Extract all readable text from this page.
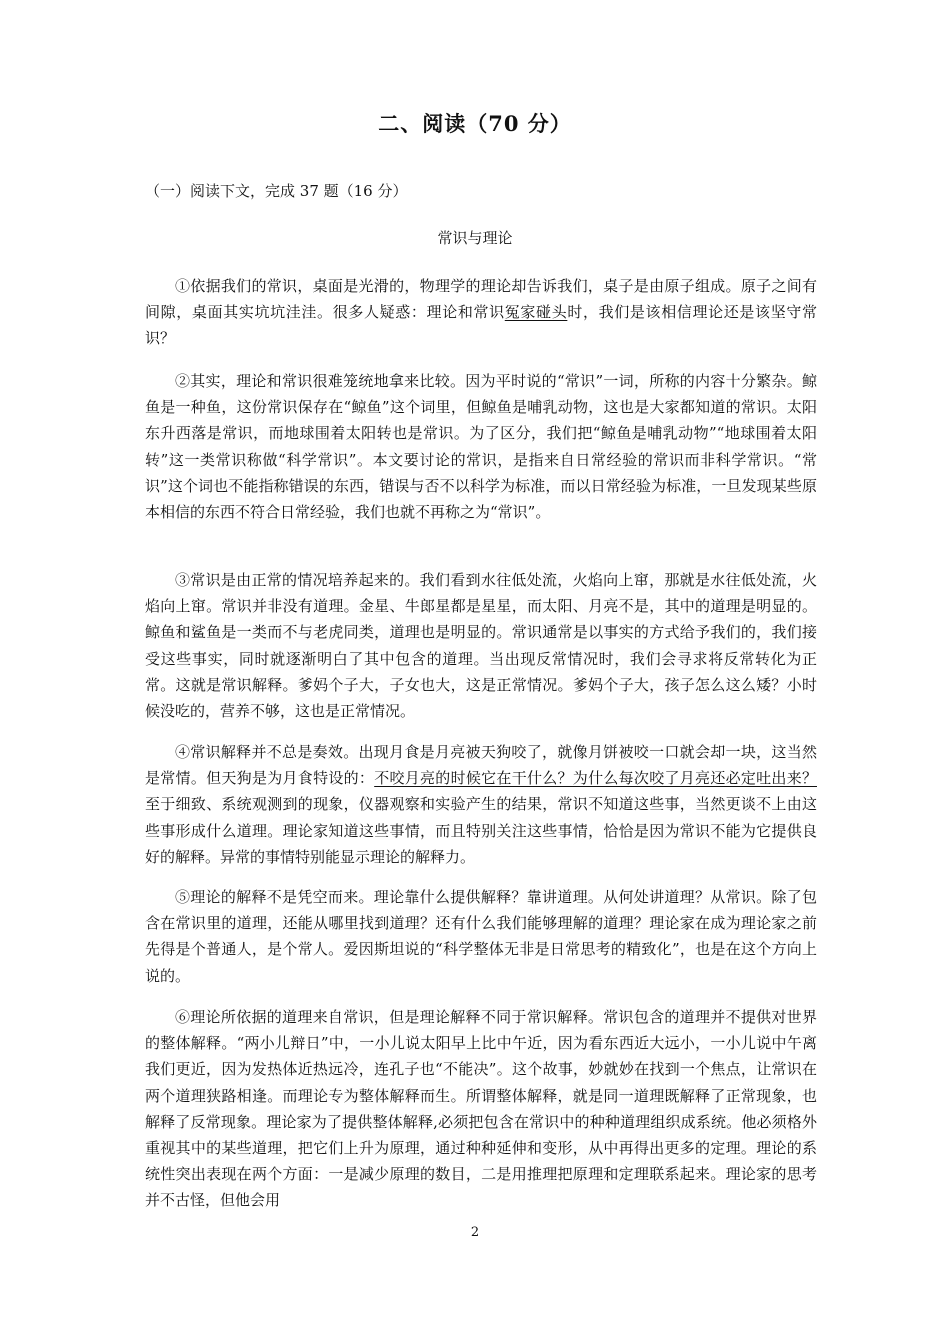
二、阅读（70 分）
（一）阅读下文，完成 37 题（16 分）
常识与理论

①依据我们的常识，桌面是光滑的，物理学的理论却告诉我们，桌子是由原子组成。原子之间有间隙，桌面其实坑坑洼洼。很多人疑惑：理论和常识冤家碰头时，我们是该相信理论还是该坚守常识？

②其实，理论和常识很难笼统地拿来比较。因为平时说的“常识”一词，所称的内容十分繁杂。鲸鱼是一种鱼，这份常识保存在“鲸鱼”这个词里，但鲸鱼是哺乳动物，这也是大家都知道的常识。太阳东升西落是常识，而地球围着太阳转也是常识。为了区分，我们把“鲸鱼是哺乳动物”“地球围着太阳转”这一类常识称做“科学常识”。本文要讨论的常识，是指来自日常经验的常识而非科学常识。“常识”这个词也不能指称错误的东西，错误与否不以科学为标准，而以日常经验为标准，一旦发现某些原本相信的东西不符合日常经验，我们也就不再称之为“常识”。

③常识是由正常的情况培养起来的。我们看到水往低处流，火焰向上窜，那就是水往低处流，火焰向上窜。常识并非没有道理。金星、牛郎星都是星星，而太阳、月亮不是，其中的道理是明显的。鲸鱼和鲨鱼是一类而不与老虎同类，道理也是明显的。常识通常是以事实的方式给予我们的，我们接受这些事实，同时就逐渐明白了其中包含的道理。当出现反常情况时，我们会寻求将反常转化为正常。这就是常识解释。爹妈个子大，子女也大，这是正常情况。爹妈个子大，孩子怎么这么矮？小时候没吃的，营养不够，这也是正常情况。

④常识解释并不总是奏效。出现月食是月亮被天狗咬了，就像月饼被咬一口就会却一块，这当然是常情。但天狗是为月食特设的：不咬月亮的时候它在干什么？为什么每次咬了月亮还必定吐出来？至于细致、系统观测到的现象，仪器观察和实验产生的结果，常识不知道这些事，当然更谈不上由这些事形成什么道理。理论家知道这些事情，而且特别关注这些事情，恰恰是因为常识不能为它提供良好的解释。异常的事情特别能显示理论的解释力。

⑤理论的解释不是凭空而来。理论靠什么提供解释？靠讲道理。从何处讲道理？从常识。除了包含在常识里的道理，还能从哪里找到道理？还有什么我们能够理解的道理？理论家在成为理论家之前先得是个普通人，是个常人。爱因斯坦说的“科学整体无非是日常思考的精致化”，也是在这个方向上说的。

⑥理论所依据的道理来自常识，但是理论解释不同于常识解释。常识包含的道理并不提供对世界的整体解释。“两小儿辩日”中，一小儿说太阳早上比中午近，因为看东西近大远小，一小儿说中午离我们更近，因为发热体近热远冷，连孔子也“不能决”。这个故事，妙就妙在找到一个焦点，让常识在两个道理狭路相逢。而理论专为整体解释而生。所谓整体解释，就是同一道理既解释了正常现象，也解释了反常现象。理论家为了提供整体解释,必须把包含在常识中的种种道理组织成系统。他必须格外重视其中的某些道理，把它们上升为原理，通过种种延伸和变形，从中再得出更多的定理。理论的系统性突出表现在两个方面：一是减少原理的数目，二是用推理把原理和定理联系起来。理论家的思考并不古怪，但他会用

2
